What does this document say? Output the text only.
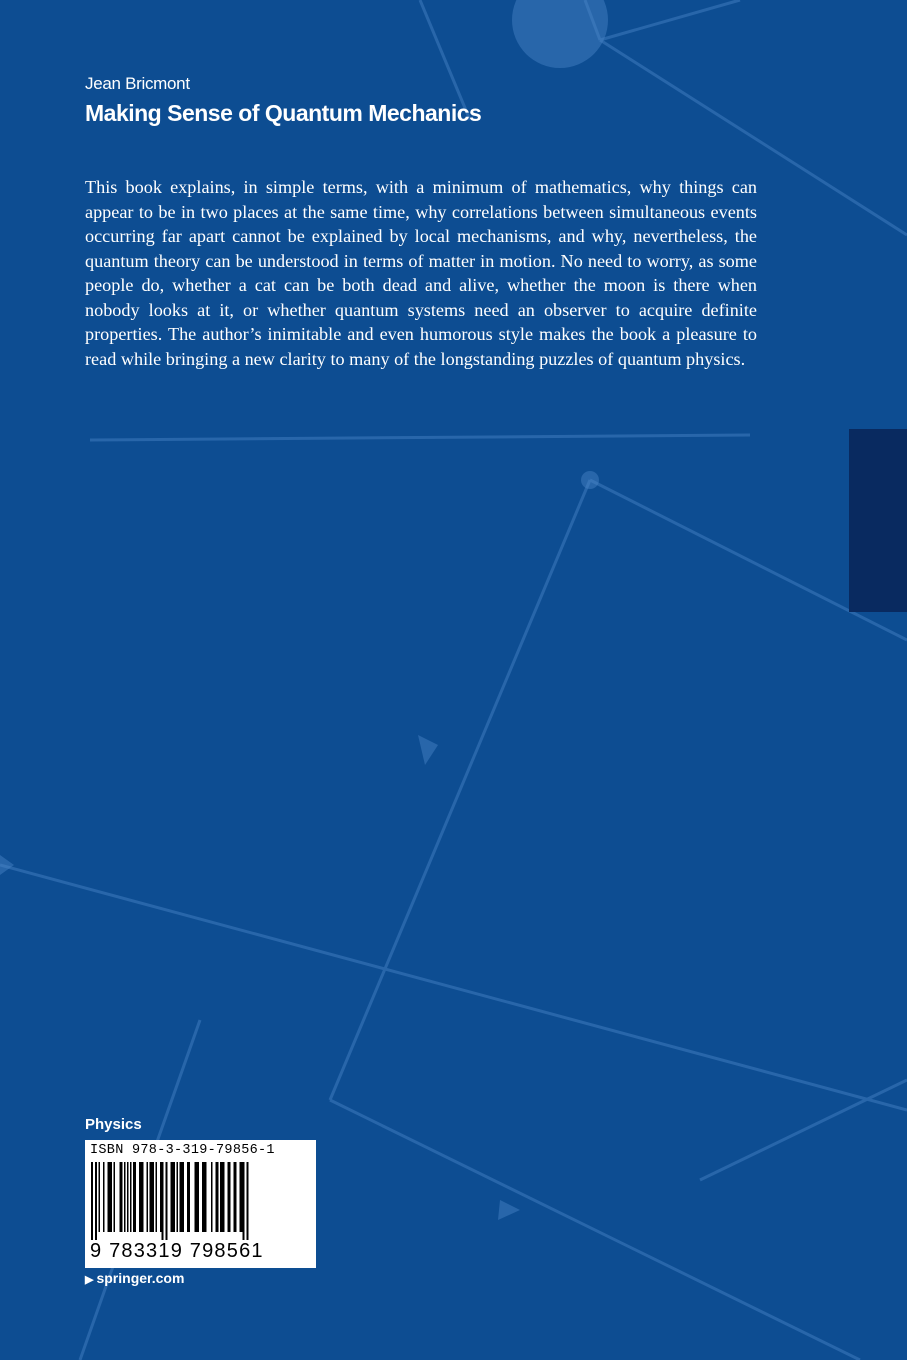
Jean Bricmont
Making Sense of Quantum Mechanics

This book explains, in simple terms, with a minimum of mathematics, why things can appear to be in two places at the same time, why correlations between simultaneous events occurring far apart cannot be explained by local mechanisms, and why, nevertheless, the quantum theory can be understood in terms of matter in motion. No need to worry, as some people do, whether a cat can be both dead and alive, whether the moon is there when nobody looks at it, or whether quantum systems need an observer to acquire definite properties. The author’s inimitable and even humorous style makes the book a pleasure to read while bringing a new clarity to many of the longstanding puzzles of quantum physics.

Physics
ISBN 978-3-319-79856-1
9 783319 798561
▶ springer.com
